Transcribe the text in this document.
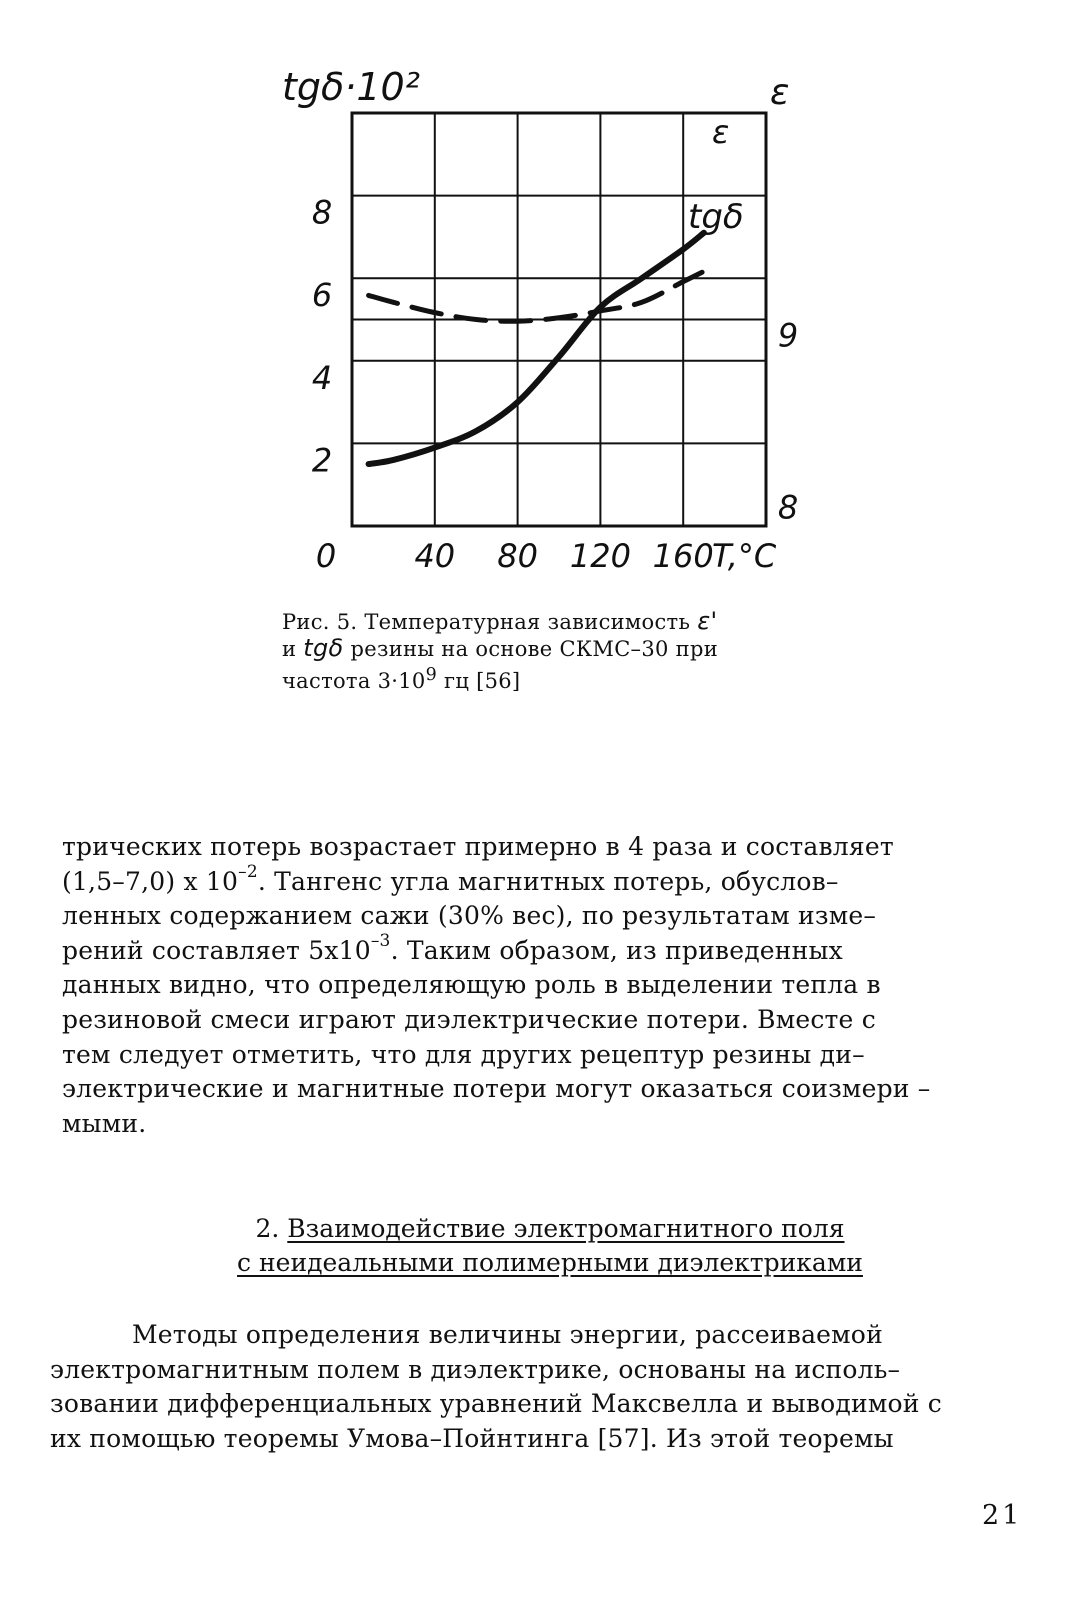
0 40 80 120 160
2
4
6
8
8
9
tgδ·10²	ε
T,°C
ε
tgδ
Рис. 5. Температурная зависимость ε'
и tgδ резины на основе СКМС–30 при
частота $3\cdot 10^9$ гц [56]
трических потерь возрастает примерно в 4 раза и составляет
(1,5–7,0) х $10^{-2}$. Тангенс угла магнитных потерь, обуслов–
ленных содержанием сажи (30% вес), по результатам изме–
рений составляет $5х10^{-3}$. Таким образом, из приведенных
данных видно, что определяющую роль в выделении тепла в
резиновой смеси играют диэлектрические потери. Вместе с
тем следует отметить, что для других рецептур резины ди–
электрические и магнитные потери могут оказаться соизмери –
мыми.
2. Взаимодействие электромагнитного поля
с неидеальными полимерными диэлектриками
Методы определения величины энергии, рассеиваемой
электромагнитным полем в диэлектрике, основаны на исполь–
зовании дифференциальных уравнений Максвелла и выводимой с
их помощью теоремы Умова–Пойнтинга [57]. Из этой теоремы
21
